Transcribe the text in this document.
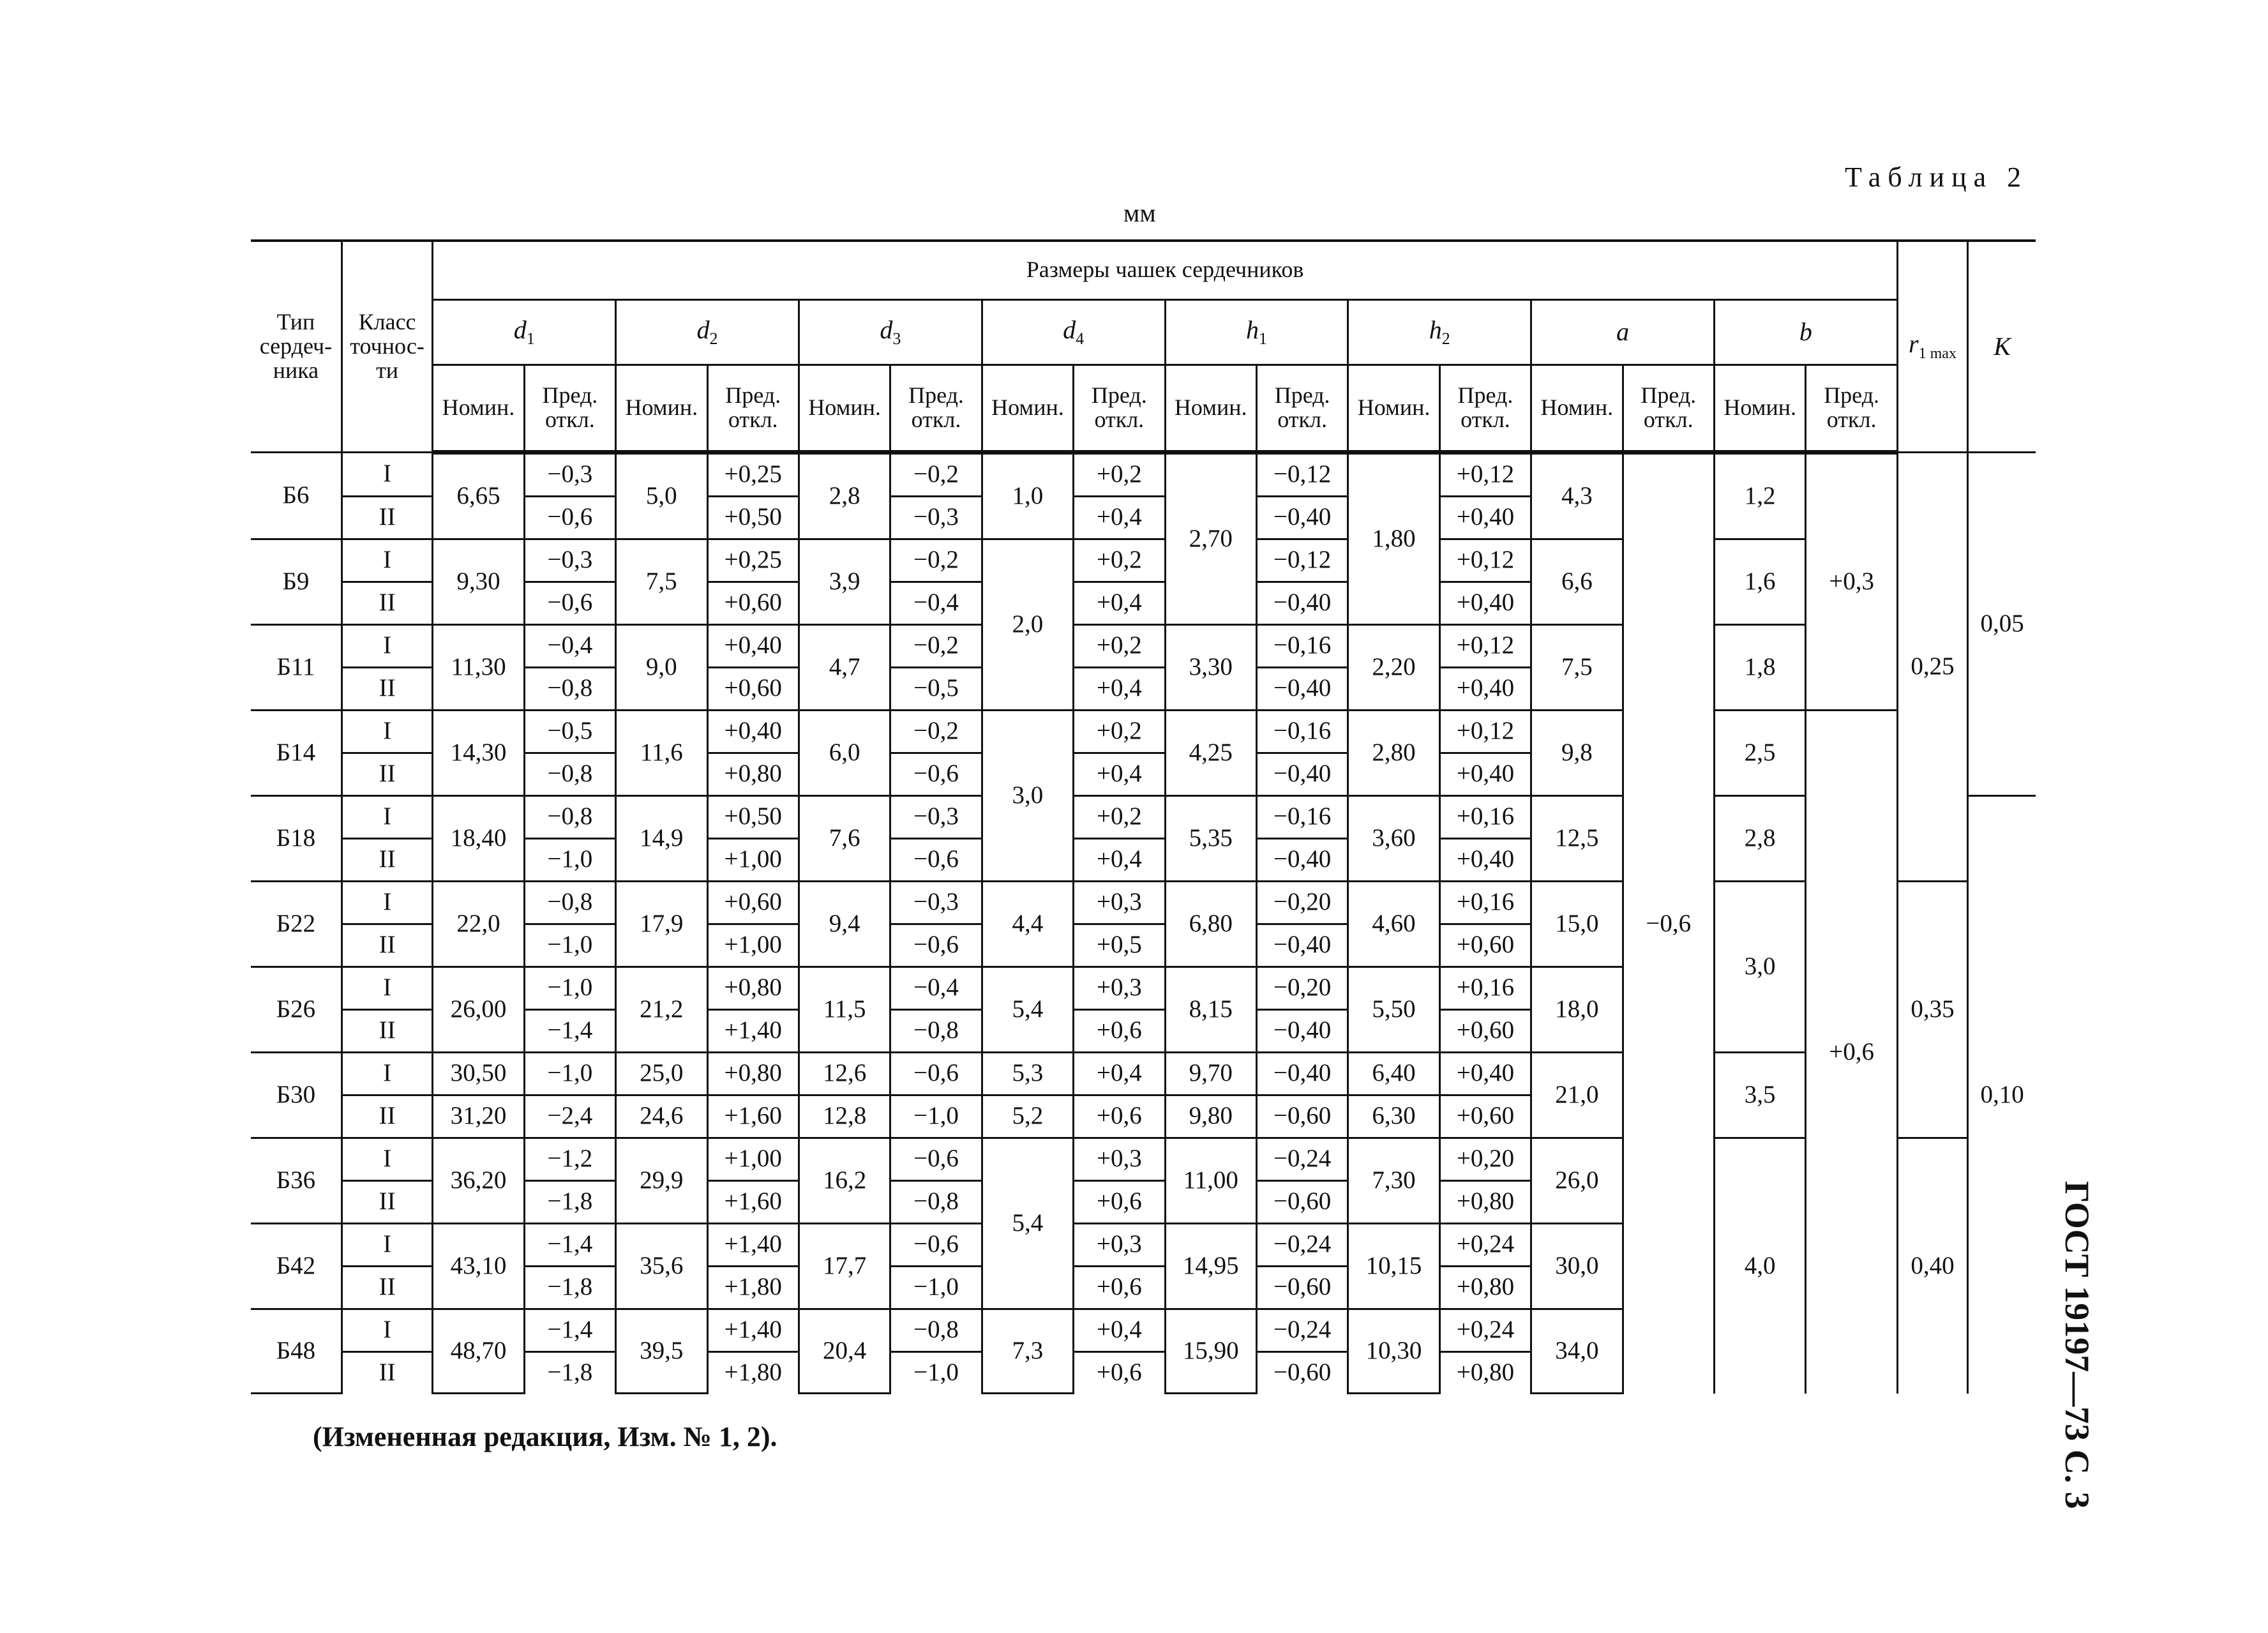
Таблица 2
мм
Тип сердечника	Класс точности	Размеры чашек сердечников																$r_{1 max}$	K
		$d_1$		$d_2$		$d_3$		$d_4$		$h_1$		$h_2$		a		b			
		Номин.	Пред. откл.	Номин.	Пред. откл.	Номин.	Пред. откл.	Номин.	Пред. откл.	Номин.	Пред. откл.	Номин.	Пред. откл.	Номин.	Пред. откл.	Номин.	Пред. откл.		
Б6	I	6,65	−0,3	5,0	+0,25	2,8	−0,2	1,0	+0,2	2,70	−0,12	1,80	+0,12	4,3	−0,6	1,2	+0,3	0,25	0,05
	II		−0,6		+0,50		−0,3		+0,4		−0,40		+0,40						
Б9	I	9,30	−0,3	7,5	+0,25	3,9	−0,2	2,0	+0,2		−0,12		+0,12	6,6		1,6			
	II		−0,6		+0,60		−0,4		+0,4		−0,40		+0,40						
Б11	I	11,30	−0,4	9,0	+0,40	4,7	−0,2		+0,2	3,30	−0,16	2,20	+0,12	7,5		1,8			
	II		−0,8		+0,60		−0,5		+0,4		−0,40		+0,40						
Б14	I	14,30	−0,5	11,6	+0,40	6,0	−0,2	3,0	+0,2	4,25	−0,16	2,80	+0,12	9,8		2,5	+0,6		
	II		−0,8		+0,80		−0,6		+0,4		−0,40		+0,40						
Б18	I	18,40	−0,8	14,9	+0,50	7,6	−0,3		+0,2	5,35	−0,16	3,60	+0,16	12,5		2,8			0,10
	II		−1,0		+1,00		−0,6		+0,4		−0,40		+0,40						
Б22	I	22,0	−0,8	17,9	+0,60	9,4	−0,3	4,4	+0,3	6,80	−0,20	4,60	+0,16	15,0		3,0		0,35	
	II		−1,0		+1,00		−0,6		+0,5		−0,40		+0,60						
Б26	I	26,00	−1,0	21,2	+0,80	11,5	−0,4	5,4	+0,3	8,15	−0,20	5,50	+0,16	18,0					
	II		−1,4		+1,40		−0,8		+0,6		−0,40		+0,60						
Б30	I	30,50	−1,0	25,0	+0,80	12,6	−0,6	5,3	+0,4	9,70	−0,40	6,40	+0,40	21,0		3,5			
	II	31,20	−2,4	24,6	+1,60	12,8	−1,0	5,2	+0,6	9,80	−0,60	6,30	+0,60						
Б36	I	36,20	−1,2	29,9	+1,00	16,2	−0,6	5,4	+0,3	11,00	−0,24	7,30	+0,20	26,0		4,0		0,40	
	II		−1,8		+1,60		−0,8		+0,6		−0,60		+0,80						
Б42	I	43,10	−1,4	35,6	+1,40	17,7	−0,6		+0,3	14,95	−0,24	10,15	+0,24	30,0					
	II		−1,8		+1,80		−1,0		+0,6		−0,60		+0,80						
Б48	I	48,70	−1,4	39,5	+1,40	20,4	−0,8	7,3	+0,4	15,90	−0,24	10,30	+0,24	34,0					
	II		−1,8		+1,80		−1,0		+0,6		−0,60		+0,80						
(Измененная редакция, Изм. № 1, 2).	ГОСТ 19197—73 С. 3
